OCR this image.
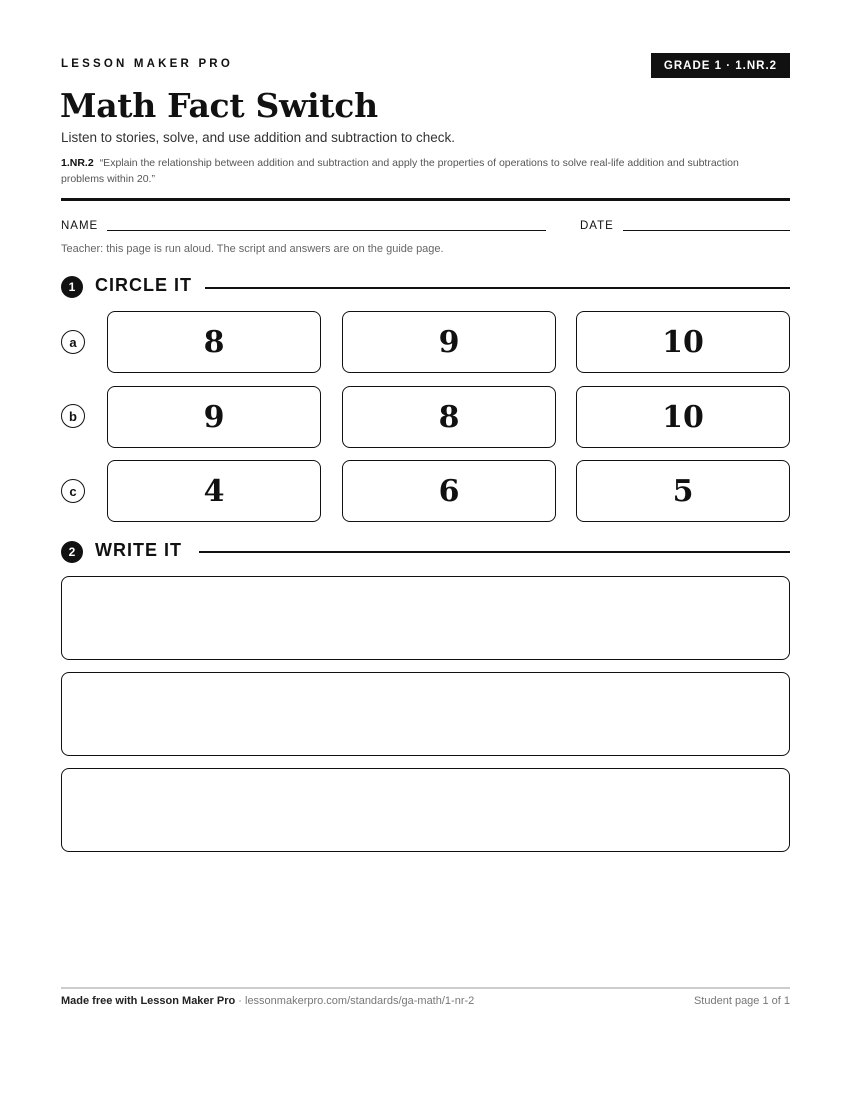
LESSON MAKER PRO	GRADE 1 · 1.NR.2
Math Fact Switch
Listen to stories, solve, and use addition and subtraction to check.
1.NR.2 “Explain the relationship between addition and subtraction and apply the properties of operations to solve real-life addition and subtraction problems within 20.”
NAME	DATE
Teacher: this page is run aloud. The script and answers are on the guide page.
1	CIRCLE IT
a	8	9	10
b	9	8	10
c	4	6	5
2	WRITE IT
Made free with Lesson Maker Pro · lessonmakerpro.com/standards/ga-math/1-nr-2	Student page 1 of 1
